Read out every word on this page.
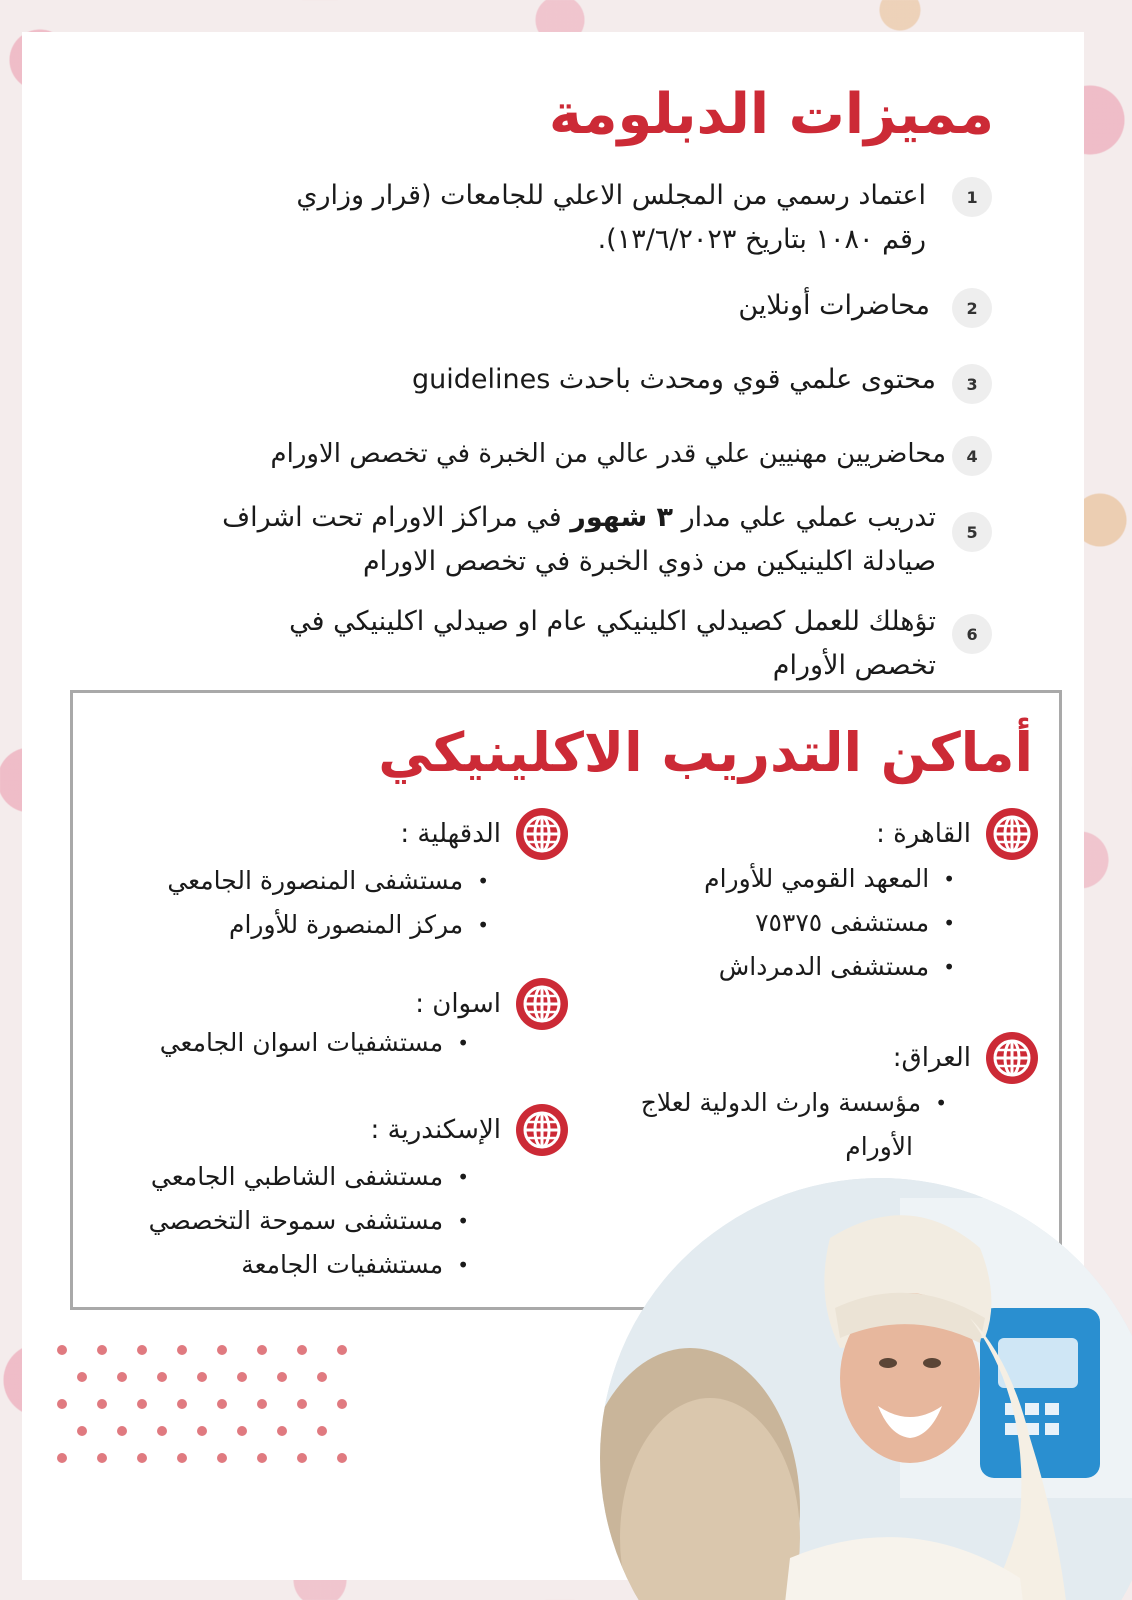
مميزات الدبلومة
1
اعتماد رسمي من المجلس الاعلي للجامعات (قرار وزاري
رقم ١٠٨٠ بتاريخ ١٣/٦/٢٠٢٣).
2
محاضرات أونلاين
3
محتوى علمي قوي ومحدث باحدث guidelines
4
محاضريين مهنيين علي قدر عالي من الخبرة في تخصص الاورام
5
تدريب عملي علي مدار ٣ شهور في مراكز الاورام تحت اشراف
صيادلة اكلينيكين من ذوي الخبرة في تخصص الاورام
6
تؤهلك للعمل كصيدلي اكلينيكي عام او صيدلي اكلينيكي في
تخصص الأورام
أماكن التدريب الاكلينيكي
القاهرة :
•
المعهد القومي للأورام
•
مستشفى ٧٥٣٧٥
•
مستشفى الدمرداش
العراق:
•
مؤسسة وارث الدولية لعلاج
الأورام
الدقهلية :
•
مستشفى المنصورة الجامعي
•
مركز المنصورة للأورام
اسوان :
•
مستشفيات اسوان الجامعي
الإسكندرية :
•
مستشفى الشاطبي الجامعي
•
مستشفى سموحة التخصصي
•
مستشفيات الجامعة
